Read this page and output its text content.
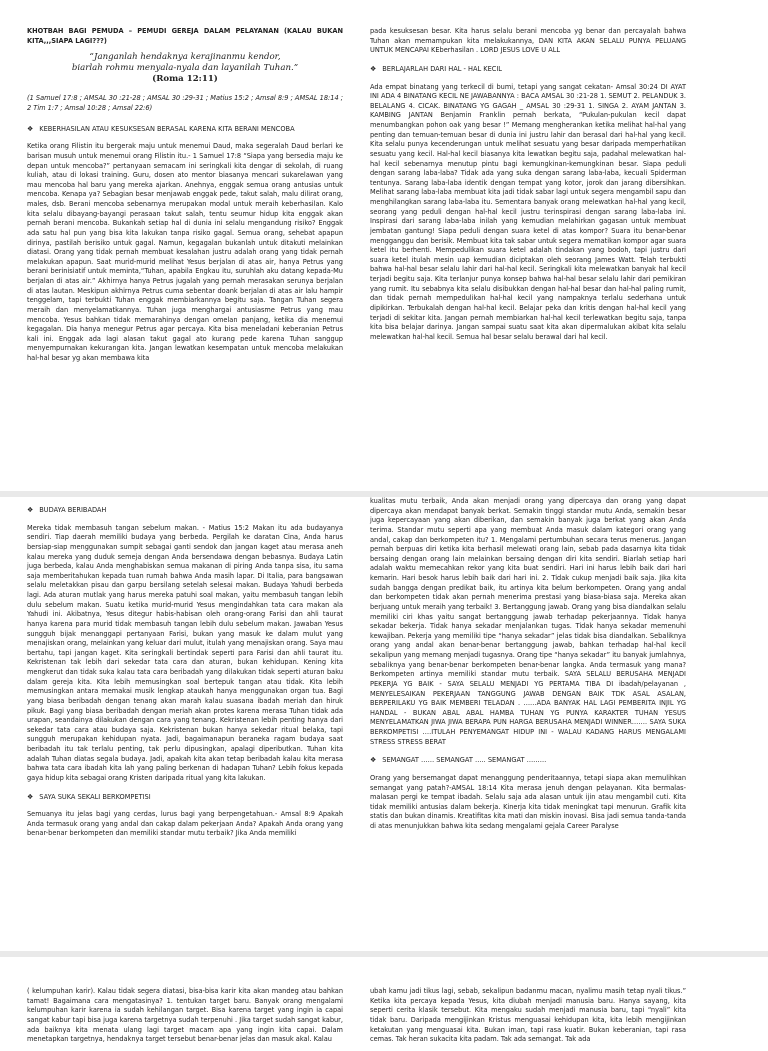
KHOTBAH BAGI PEMUDA – PEMUDI GEREJA DALAM PELAYANAN (KALAU BUKAN KITA,,,SIAPA LAGI???)
“Janganlah hendaknya kerajinanmu kendor,
biarlah rohmu menyala-nyala dan layanilah Tuhan.”
(Roma 12:11)
(1 Samuel 17:8 ; AMSAL 30 :21-28 ; AMSAL 30 :29-31 ; Matius 15:2 ; Amsal 8:9 ; AMSAL 18:14 ; 2 Tim 1:7 ; Amsal 10:28 ; Amsal 22:6)
❖ KEBERHASILAN ATAU KESUKSESAN BERASAL KARENA KITA BERANI MENCOBA

Ketika orang Filistin itu bergerak maju untuk menemui Daud, maka segeralah Daud berlari ke barisan musuh untuk menemui orang Filistin itu.- 1 Samuel 17:8 “Siapa yang bersedia maju ke depan untuk mencoba?” pertanyaan semacam ini seringkali kita dengar di sekolah, di ruang kuliah, atau di lokasi training. Guru, dosen ato mentor biasanya mencari sukarelawan yang mau mencoba hal baru yang mereka ajarkan. Anehnya, enggak semua orang antusias untuk mencoba. Kenapa ya? Sebagian besar menjawab enggak pede, takut salah, malu dilirat orang, males, dsb. Berani mencoba sebenarnya merupakan modal untuk meraih keberhasilan. Kalo kita selalu dibayang-bayangi perasaan takut salah, tentu seumur hidup kita enggak akan pernah berani mencoba. Bukankah setiap hal di dunia ini selalu mengandung risiko? Enggak ada satu hal pun yang bisa kita lakukan tanpa risiko gagal. Semua orang, sehebat apapun dirinya, pastilah berisiko untuk gagal. Namun, kegagalan bukanlah untuk ditakuti melainkan diatasi. Orang yang tidak pernah membuat kesalahan justru adalah orang yang tidak pernah melakukan apapun. Saat murid-murid melihat Yesus berjalan di atas air, hanya Petrus yang berani berinisiatif untuk meminta,“Tuhan, apabila Engkau itu, suruhlah aku datang kepada-Mu berjalan di atas air.” Akhirnya hanya Petrus jugalah yang pernah merasakan serunya berjalan di atas lautan. Meskipun akhirnya Petrus cuma sebentar doank berjalan di atas air lalu hampir tenggelam, tapi terbukti Tuhan enggak membiarkannya begitu saja. Tangan Tuhan segera meraih dan menyelamatkannya. Tuhan juga menghargai antusiasme Petrus yang mau mencoba. Yesus bahkan tidak memarahinya dengan omelan panjang, ketika dia menemui kegagalan. Dia hanya menegur Petrus agar percaya. Kita bisa meneladani keberanian Petrus kali ini. Enggak ada lagi alasan takut gagal ato kurang pede karena Tuhan sanggup menyempurnakan kekurangan kita. Jangan lewatkan kesempatan untuk mencoba melakukan hal-hal besar yg akan membawa kita

pada kesuksesan besar. Kita harus selalu berani mencoba yg benar dan percayalah bahwa Tuhan akan memampukan kita melakukannya, DAN KITA AKAN SELALU PUNYA PELUANG UNTUK MENCAPAI KEberhasilan . LORD JESUS LOVE U ALL

❖ BERLAJARLAH DARI HAL - HAL KECIL

Ada empat binatang yang terkecil di bumi, tetapi yang sangat cekatan- Amsal 30:24 DI AYAT INI ADA 4 BINATANG KECIL NE JAWABANNYA : BACA AMSAL 30 :21-28 1. SEMUT 2. PELANDUK 3. BELALANG 4. CICAK. BINATANG YG GAGAH _ AMSAL 30 :29-31 1. SINGA 2. AYAM JANTAN 3. KAMBING JANTAN Benjamin Franklin pernah berkata, “Pukulan-pukulan kecil dapat menumbangkan pohon oak yang besar !” Memang mengherankan ketika melihat hal-hal yang penting dan temuan-temuan besar di dunia ini justru lahir dan berasal dari hal-hal yang kecil. Kita selalu punya kecenderungan untuk melihat sesuatu yang besar daripada memperhatikan sesuatu yang kecil. Hal-hal kecil biasanya kita lewatkan begitu saja, padahal melewatkan hal-hal kecil sebenarnya menutup pintu bagi kemungkinan-kemungkinan besar. Siapa peduli dengan sarang laba-laba? Tidak ada yang suka dengan sarang laba-laba, kecuali Spiderman tentunya. Sarang laba-laba identik dengan tempat yang kotor, jorok dan jarang dibersihkan. Melihat sarang laba-laba membuat kita jadi tidak sabar lagi untuk segera mengambil sapu dan menghilangkan sarang laba-laba itu. Sementara banyak orang melewatkan hal-hal yang kecil, seorang yang peduli dengan hal-hal kecil justru terinspirasi dengan sarang laba-laba ini. Inspirasi dari sarang laba-laba inilah yang kemudian melahirkan gagasan untuk membuat jembatan gantung! Siapa peduli dengan suara ketel di atas kompor? Suara itu benar-benar mengganggu dan berisik. Membuat kita tak sabar untuk segera mematikan kompor agar suara ketel itu berhenti. Mempedulikan suara ketel adalah tindakan yang bodoh, tapi justru dari suara ketel itulah mesin uap kemudian diciptakan oleh seorang James Watt. Telah terbukti bahwa hal-hal besar selalu lahir dari hal-hal kecil. Seringkali kita melewatkan banyak hal kecil terjadi begitu saja. Kita terlanjur punya konsep bahwa hal-hal besar selalu lahir dari pemikiran yang rumit. Itu sebabnya kita selalu disibukkan dengan hal-hal besar dan hal-hal paling rumit, dan tidak pernah mempedulikan hal-hal kecil yang nampaknya terlalu sederhana untuk dipikirkan. Terbukalah dengan hal-hal kecil. Belajar peka dan kritis dengan hal-hal kecil yang terjadi di sekitar kita. Jangan pernah membiarkan hal-hal kecil terlewatkan begitu saja, tanpa kita bisa belajar darinya. Jangan sampai suatu saat kita akan dipermalukan akibat kita selalu melewatkan hal-hal kecil. Semua hal besar selalu berawal dari hal kecil.

❖ BUDAYA BERIBADAH

Mereka tidak membasuh tangan sebelum makan. - Matius 15:2 Makan itu ada budayanya sendiri. Tiap daerah memiliki budaya yang berbeda. Pergilah ke daratan Cina, Anda harus bersiap-siap menggunakan sumpit sebagai ganti sendok dan jangan kaget atau merasa aneh kalau mereka yang duduk semeja dengan Anda bersendawa dengan bebasnya. Budaya Latin juga berbeda, kalau Anda menghabiskan semua makanan di piring Anda tanpa sisa, itu sama saja memberitahukan kepada tuan rumah bahwa Anda masih lapar. Di Italia, para bangsawan selalu meletakkan pisau dan garpu bersilang setelah selesai makan. Budaya Yahudi berbeda lagi. Ada aturan mutlak yang harus mereka patuhi soal makan, yaitu membasuh tangan lebih dulu sebelum makan. Suatu ketika murid-murid Yesus mengindahkan tata cara makan ala Yahudi ini. Akibatnya, Yesus ditegur habis-habisan oleh orang-orang Farisi dan ahli taurat hanya karena para murid tidak membasuh tangan lebih dulu sebelum makan. Jawaban Yesus sungguh bijak menanggapi pertanyaan Farisi, bukan yang masuk ke dalam mulut yang menajiskan orang, melainkan yang keluar dari mulut, itulah yang menajiskan orang. Saya mau bertahu, tapi jangan kaget. Kita seringkali bertindak seperti para Farisi dan ahli taurat itu. Kekristenan tak lebih dari sekedar tata cara dan aturan, bukan kehidupan. Kening kita mengkerut dan tidak suka kalau tata cara beribadah yang dilakukan tidak seperti aturan baku dalam gereja kita. Kita lebih memusingkan soal bertepuk tangan atau tidak. Kita lebih memusingkan antara memakai musik lengkap ataukah hanya menggunakan organ tua. Bagi yang biasa beribadah dengan tenang akan marah kalau suasana ibadah meriah dan hiruk pikuk. Bagi yang biasa beribadah dengan meriah akan protes karena merasa Tuhan tidak ada urapan, seandainya dilakukan dengan cara yang tenang. Kekristenan lebih penting hanya dari sekedar tata cara atau budaya saja. Kekristenan bukan hanya sekedar ritual belaka, tapi sungguh merupakan kehidupan nyata. Jadi, bagaimanapun beraneka ragam budaya saat beribadah itu tak terlalu penting, tak perlu dipusingkan, apalagi dipeributkan. Tuhan kita adalah Tuhan diatas segala budaya. Jadi, apakah kita akan tetap beribadah kalau kita merasa bahwa tata cara ibadah kita lah yang paling berkenan di hadapan Tuhan? Lebih fokus kepada gaya hidup kita sebagai orang Kristen daripada ritual yang kita lakukan.

❖ SAYA SUKA SEKALI BERKOMPETISI

Semuanya itu jelas bagi yang cerdas, lurus bagi yang berpengetahuan.- Amsal 8:9 Apakah Anda termasuk orang yang andal dan cakap dalam pekerjaan Anda? Apakah Anda orang yang benar-benar berkompeten dan memiliki standar mutu terbaik? Jika Anda memiliki

kualitas mutu terbaik, Anda akan menjadi orang yang dipercaya dan orang yang dapat dipercaya akan mendapat banyak berkat. Semakin tinggi standar mutu Anda, semakin besar juga kepercayaan yang akan diberikan, dan semakin banyak juga berkat yang akan Anda terima. Standar mutu seperti apa yang membuat Anda masuk dalam kategori orang yang andal, cakap dan berkompeten itu? 1. Mengalami pertumbuhan secara terus menerus. Jangan pernah berpuas diri ketika kita berhasil melewati orang lain, sebab pada dasarnya kita tidak bersaing dengan orang lain melainkan bersaing dengan diri kita sendiri. Biarlah setiap hari adalah waktu memecahkan rekor yang kita buat sendiri. Hari ini harus lebih baik dari hari kemarin. Hari besok harus lebih baik dari hari ini. 2. Tidak cukup menjadi baik saja. Jika kita sudah bangga dengan predikat baik, itu artinya kita belum berkompeten. Orang yang andal dan berkompeten tidak akan pernah menerima prestasi yang biasa-biasa saja. Mereka akan berjuang untuk meraih yang terbaik! 3. Bertanggung jawab. Orang yang bisa diandalkan selalu memiliki ciri khas yaitu sangat bertanggung jawab terhadap pekerjaannya. Tidak hanya sekadar bekerja. Tidak hanya sekadar menjalankan tugas. Tidak hanya sekadar memenuhi kewajiban. Pekerja yang memiliki tipe “hanya sekadar” jelas tidak bisa diandalkan. Sebaliknya orang yang andal akan benar-benar bertanggung jawab, bahkan terhadap hal-hal kecil sekalipun yang memang menjadi tugasnya. Orang tipe “hanya sekadar” itu banyak jumlahnya, sebaliknya yang benar-benar berkompeten benar-benar langka. Anda termasuk yang mana? Berkompeten artinya memiliki standar mutu terbaik. SAYA SELALU BERUSAHA MENJADI PEKERJA YG BAIK - SAYA SELALU MENJADI YG PERTAMA TIBA DI ibadah/pelayanan , MENYELESAIKAN PEKERJAAN TANGGUNG JAWAB DENGAN BAIK TDK ASAL ASALAN, BERPERILAKU YG BAIK MEMBERI TELADAN . ……ADA BANYAK HAL LAGI PEMBERITA INJIL YG HANDAL - BUKAN ABAL ABAL HAMBA TUHAN YG PUNYA KARAKTER TUHAN YESUS MENYELAMATKAN JIWA JIWA BERAPA PUN HARGA BERUSAHA MENJADI WINNER……. SAYA SUKA BERKOMPETISI ….ITULAH PENYEMANGAT HIDUP INI - WALAU KADANG HARUS MENGALAMI STRESS STRESS BERAT

❖ SEMANGAT …… SEMANGAT ….. SEMANGAT ………

Orang yang bersemangat dapat menanggung penderitaannya, tetapi siapa akan memulihkan semangat yang patah?-AMSAL 18:14 Kita merasa jenuh dengan pelayanan. Kita bermalas-malasan pergi ke tempat ibadah. Selalu saja ada alasan untuk ijin atau mengambil cuti. Kita tidak memiliki antusias dalam bekerja. Kinerja kita tidak meningkat tapi menurun. Grafik kita statis dan bukan dinamis. Kreatifitas kita mati dan miskin inovasi. Bisa jadi semua tanda-tanda di atas menunjukkan bahwa kita sedang mengalami gejala Career Paralyse

( kelumpuhan karir). Kalau tidak segera diatasi, bisa-bisa karir kita akan mandeg atau bahkan tamat! Bagaimana cara mengatasinya? 1. tentukan target baru. Banyak orang mengalami kelumpuhan karir karena ia sudah kehilangan target. Bisa karena target yang ingin ia capai sangat kabur tapi bisa juga karena targetnya sudah terpenuhi . Jika target sudah sangat kabur, ada baiknya kita menata ulang lagi target macam apa yang ingin kita capai. Dalam menetapkan targetnya, hendaknya target tersebut benar-benar jelas dan masuk akal. Kalau

ubah kamu jadi tikus lagi, sebab, sekalipun badanmu macan, nyalimu masih tetap nyali tikus.” Ketika kita percaya kepada Yesus, kita diubah menjadi manusia baru. Hanya sayang, kita seperti cerita klasik tersebut. Kita mengaku sudah menjadi manusia baru, tapi “nyali” kita tidak baru. Daripada mengijinkan Kristus menguasai kehidupan kita, kita lebih mengijinkan ketakutan yang menguasai kita. Bukan iman, tapi rasa kuatir. Bukan keberanian, tapi rasa cemas. Tak heran sukacita kita padam. Tak ada semangat. Tak ada
